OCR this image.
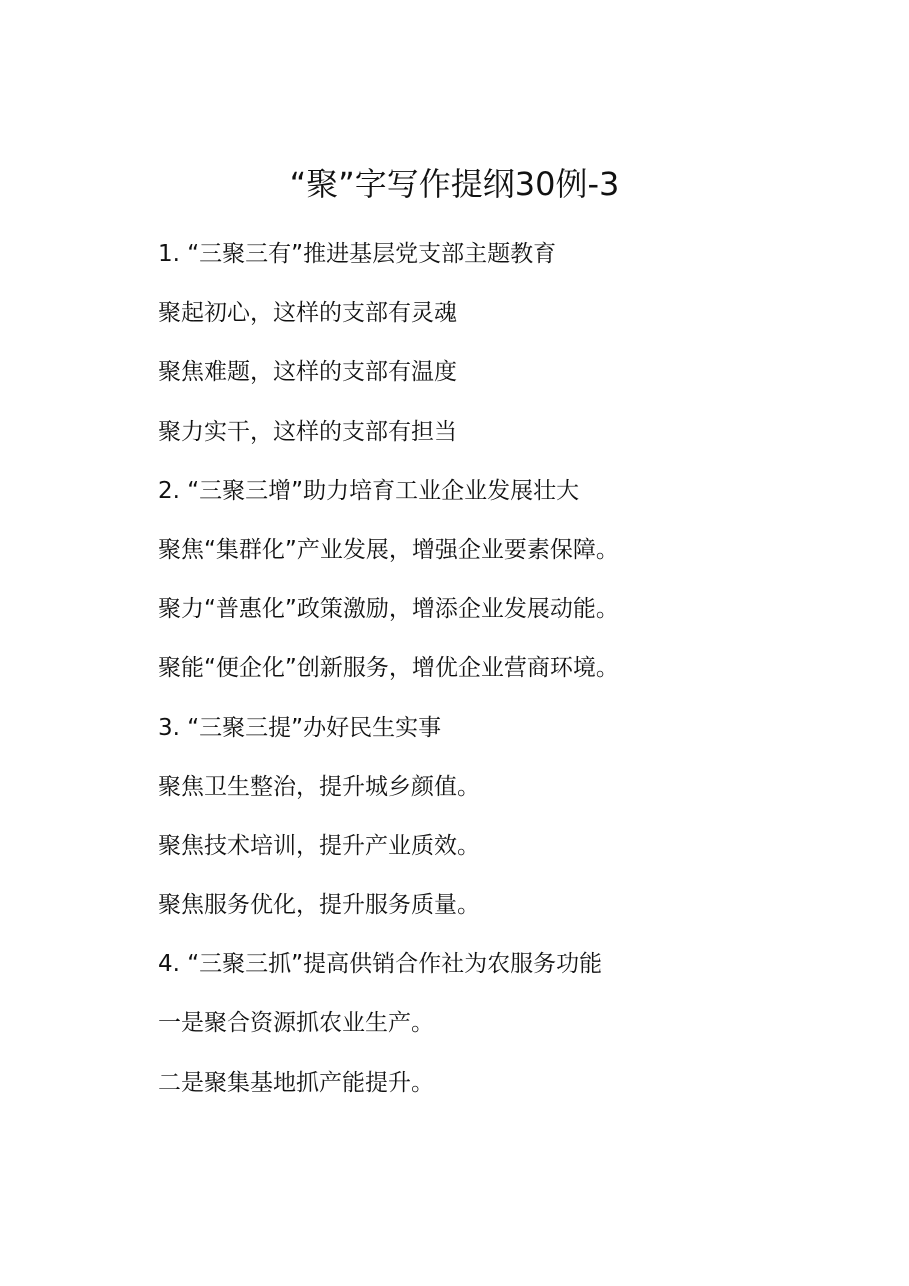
“聚”字写作提纲30例-3
1. “三聚三有”推进基层党支部主题教育
聚起初心，这样的支部有灵魂
聚焦难题，这样的支部有温度
聚力实干，这样的支部有担当
2. “三聚三增”助力培育工业企业发展壮大
聚焦“集群化”产业发展，增强企业要素保障。
聚力“普惠化”政策激励，增添企业发展动能。
聚能“便企化”创新服务，增优企业营商环境。
3. “三聚三提”办好民生实事
聚焦卫生整治，提升城乡颜值。
聚焦技术培训，提升产业质效。
聚焦服务优化，提升服务质量。
4. “三聚三抓”提高供销合作社为农服务功能
一是聚合资源抓农业生产。
二是聚集基地抓产能提升。
